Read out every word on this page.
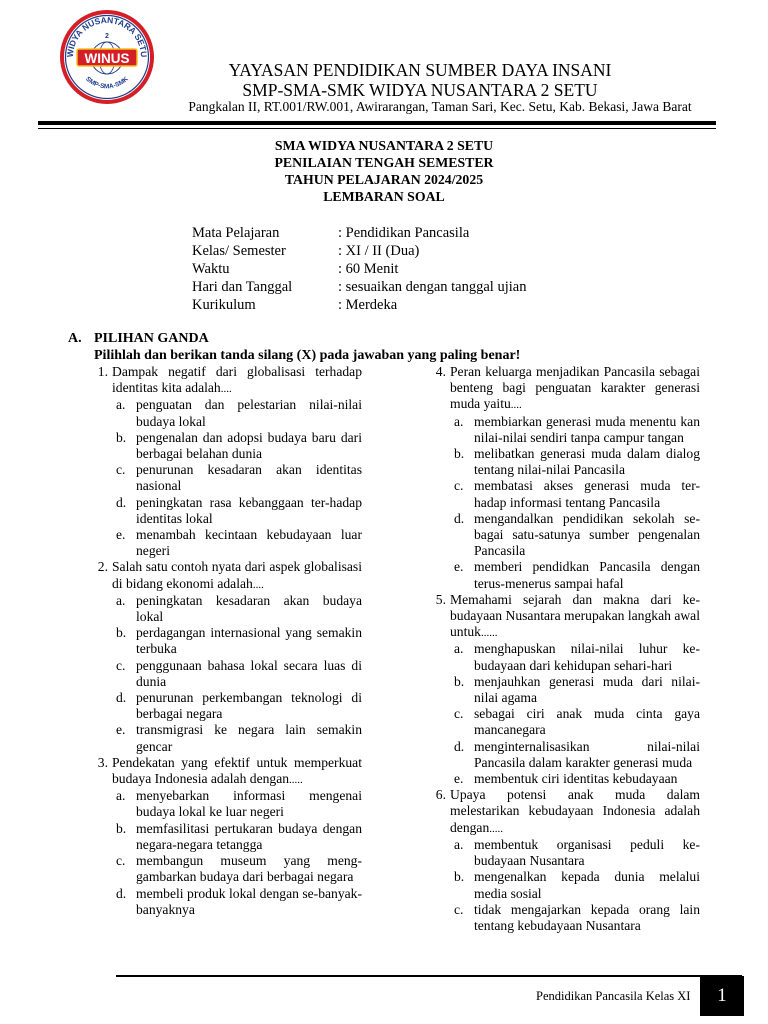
WIDYA NUSANTARA SETU
2
WINUS
SMP-SMA-SMK	YAYASAN PENDIDIKAN SUMBER DAYA INSANI
SMP-SMA-SMK WIDYA NUSANTARA 2 SETU
Pangkalan II, RT.001/RW.001, Awirarangan, Taman Sari, Kec. Setu, Kab. Bekasi, Jawa Barat
SMA WIDYA NUSANTARA 2 SETU
PENILAIAN TENGAH SEMESTER
TAHUN PELAJARAN 2024/2025
LEMBARAN SOAL
Mata Pelajaran	: Pendidikan Pancasila
Kelas/ Semester	: XI / II (Dua)
Waktu	: 60 Menit
Hari dan Tanggal	: sesuaikan dengan tanggal ujian
Kurikulum	: Merdeka
A. PILIHAN GANDA
Pilihlah dan berikan tanda silang (X) pada jawaban yang paling benar!
1. Dampak negatif dari globalisasi terhadap identitas kita adalah....
a. penguatan dan pelestarian nilai-nilai budaya lokal
b. pengenalan dan adopsi budaya baru dari berbagai belahan dunia
c. penurunan kesadaran akan identitas nasional
d. peningkatan rasa kebanggaan ter-hadap identitas lokal
e. menambah kecintaan kebudayaan luar negeri
2. Salah satu contoh nyata dari aspek globalisasi di bidang ekonomi adalah....
a. peningkatan kesadaran akan budaya lokal
b. perdagangan internasional yang semakin terbuka
c. penggunaan bahasa lokal secara luas di dunia
d. penurunan perkembangan teknologi di berbagai negara
e. transmigrasi ke negara lain semakin gencar
3. Pendekatan yang efektif untuk memperkuat budaya Indonesia adalah dengan.....
a. menyebarkan informasi mengenai budaya lokal ke luar negeri
b. memfasilitasi pertukaran budaya dengan negara-negara tetangga
c. membangun museum yang meng-gambarkan budaya dari berbagai negara
d. membeli produk lokal dengan se-banyak-banyaknya
4. Peran keluarga menjadikan Pancasila sebagai benteng bagi penguatan karakter generasi muda yaitu....
a. membiarkan generasi muda menentu kan nilai-nilai sendiri tanpa campur tangan
b. melibatkan generasi muda dalam dialog tentang nilai-nilai Pancasila
c. membatasi akses generasi muda ter-hadap informasi tentang Pancasila
d. mengandalkan pendidikan sekolah se-bagai satu-satunya sumber pengenalan Pancasila
e. memberi pendidkan Pancasila dengan terus-menerus sampai hafal
5. Memahami sejarah dan makna dari ke-budayaan Nusantara merupakan langkah awal untuk......
a. menghapuskan nilai-nilai luhur ke-budayaan dari kehidupan sehari-hari
b. menjauhkan generasi muda dari nilai-nilai agama
c. sebagai ciri anak muda cinta gaya mancanegara
d. menginternalisasikan nilai-nilai Pancasila dalam karakter generasi muda
e. membentuk ciri identitas kebudayaan
6. Upaya potensi anak muda dalam melestarikan kebudayaan Indonesia adalah dengan.....
a. membentuk organisasi peduli ke-budayaan Nusantara
b. mengenalkan kepada dunia melalui media sosial
c. tidak mengajarkan kepada orang lain tentang kebudayaan Nusantara
Pendidikan Pancasila Kelas XI	1
